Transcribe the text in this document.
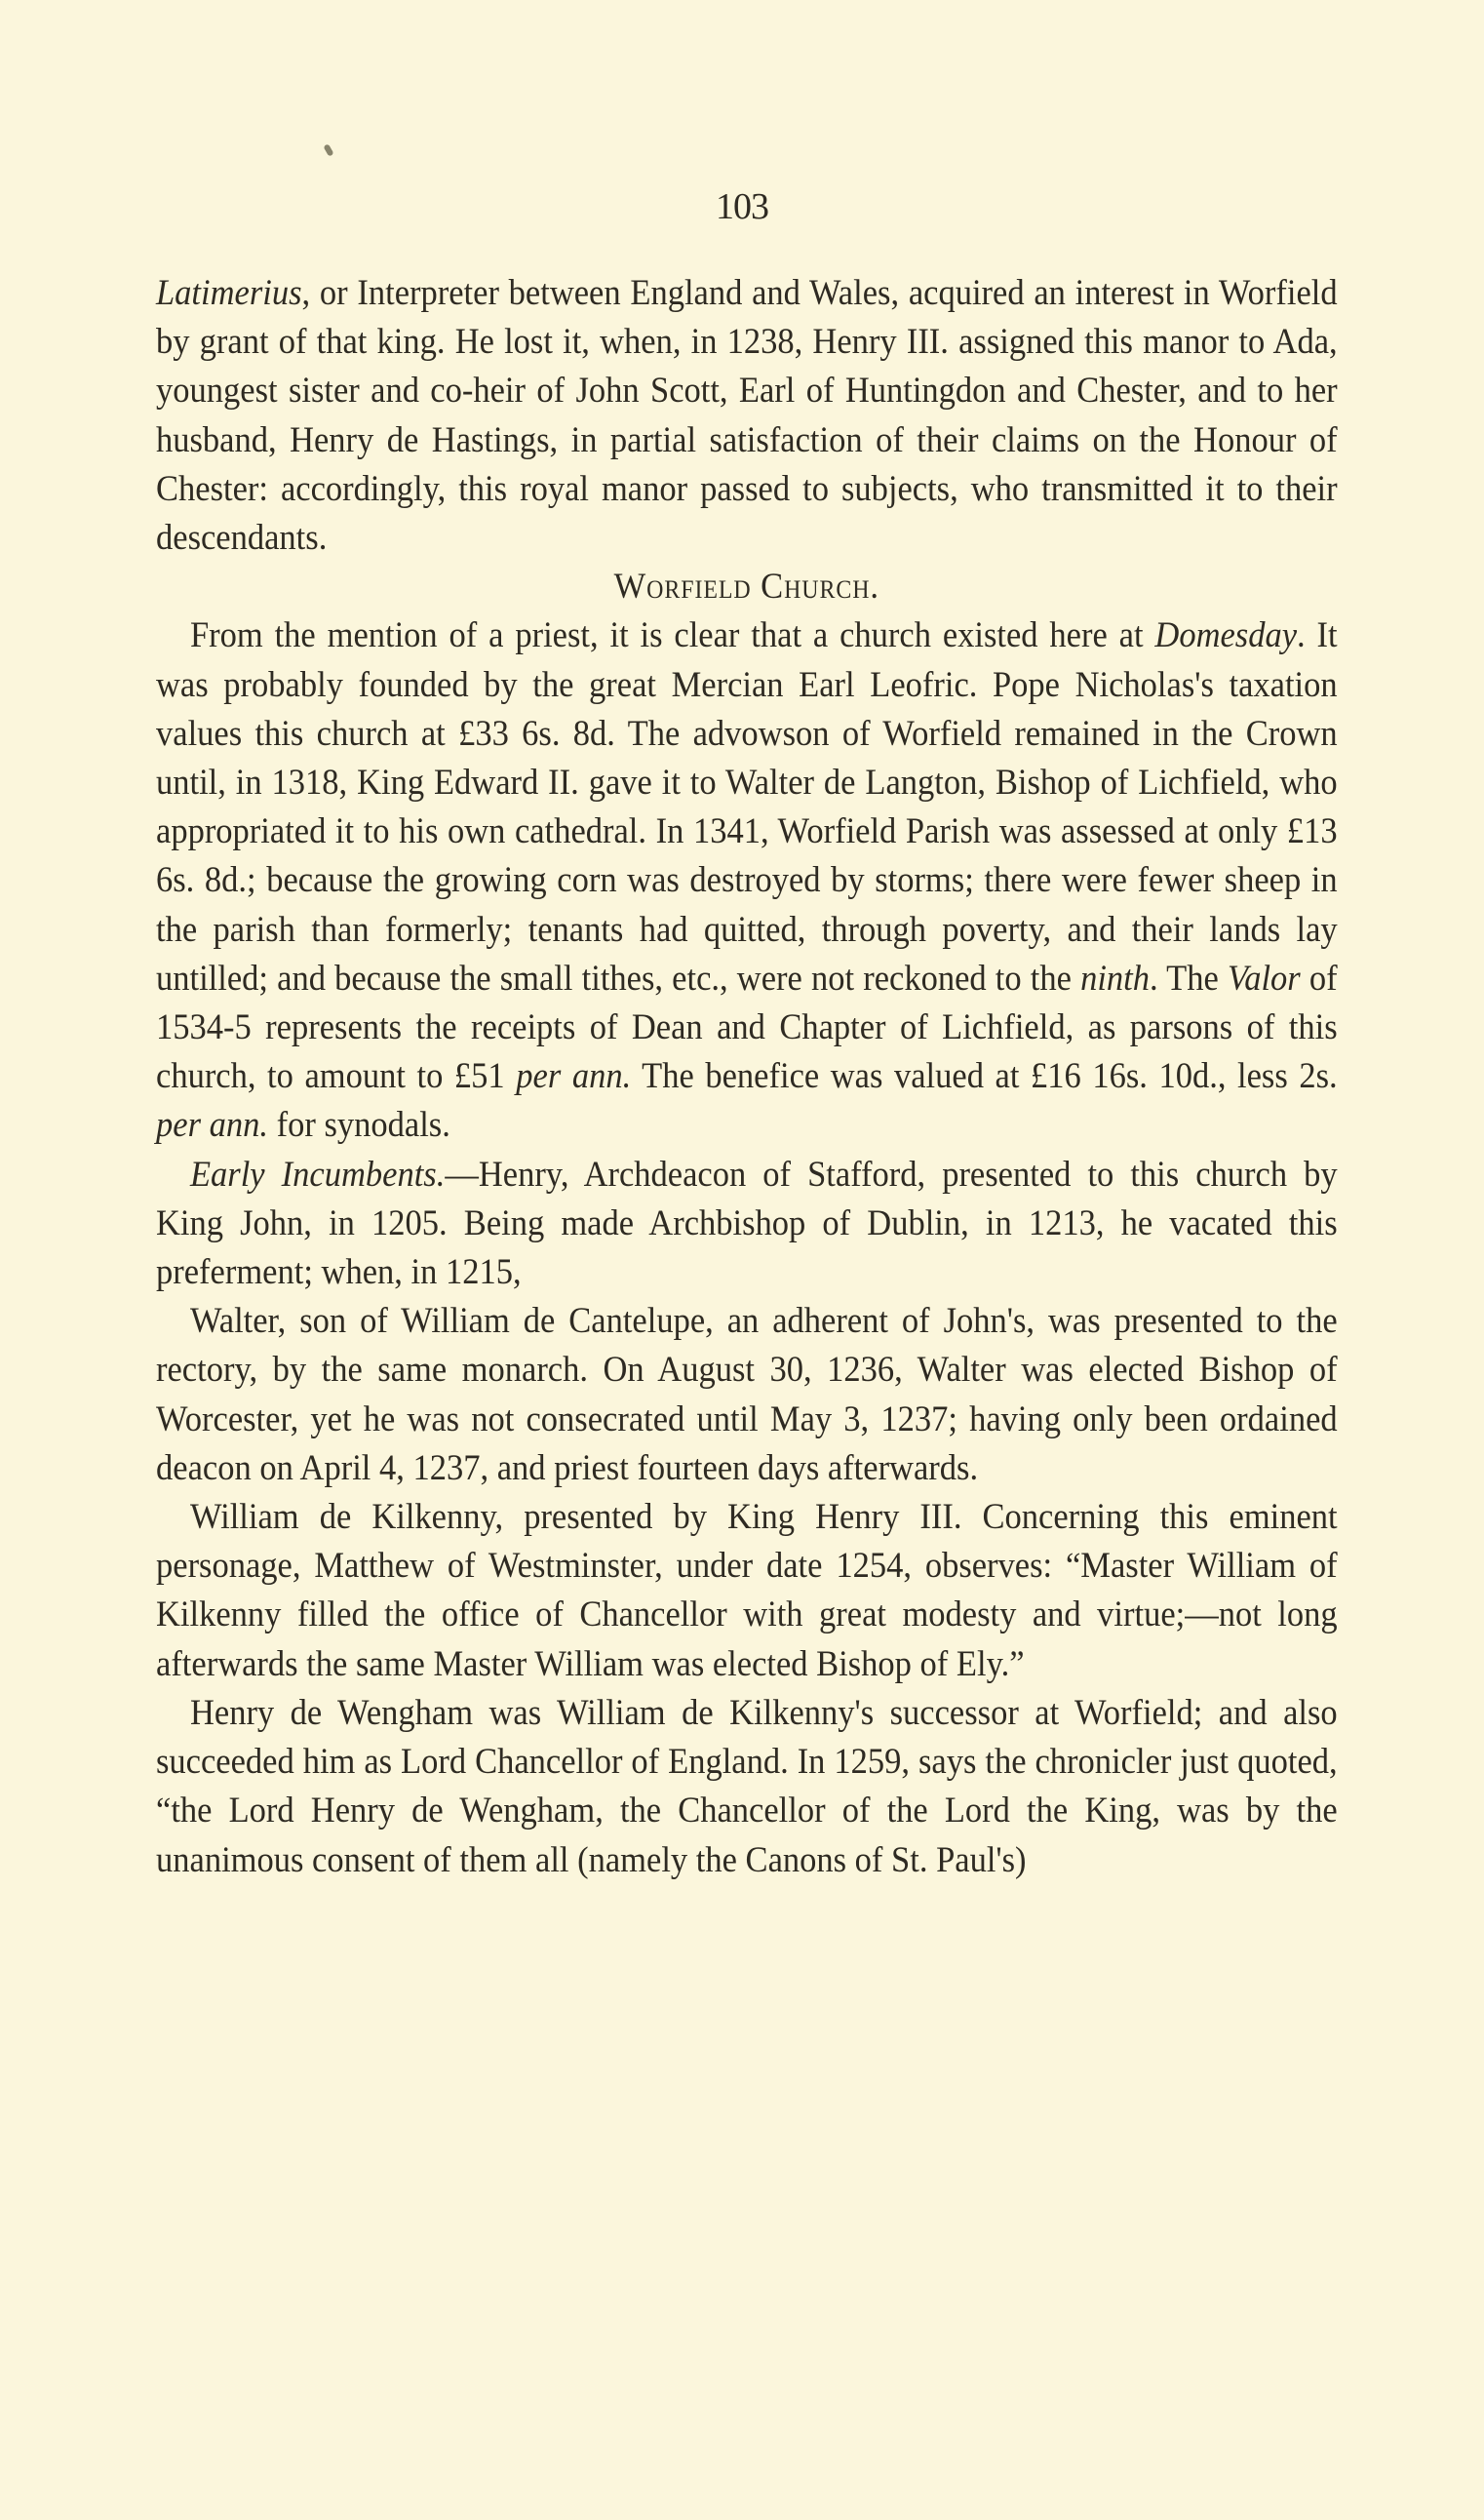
103

Latimerius, or Interpreter between England and Wales, acquired an interest in Worfield by grant of that king. He lost it, when, in 1238, Henry III. assigned this manor to Ada, youngest sister and co-heir of John Scott, Earl of Huntingdon and Chester, and to her husband, Henry de Hastings, in partial satisfaction of their claims on the Honour of Chester: accordingly, this royal manor passed to subjects, who transmitted it to their descendants.

Worfield Church.

From the mention of a priest, it is clear that a church existed here at Domesday. It was probably founded by the great Mercian Earl Leofric. Pope Nicholas's taxation values this church at £33 6s. 8d. The advowson of Worfield remained in the Crown until, in 1318, King Edward II. gave it to Walter de Langton, Bishop of Lichfield, who appropriated it to his own cathedral. In 1341, Worfield Parish was assessed at only £13 6s. 8d.; because the growing corn was destroyed by storms; there were fewer sheep in the parish than formerly; tenants had quitted, through poverty, and their lands lay untilled; and because the small tithes, etc., were not reckoned to the ninth. The Valor of 1534-5 represents the receipts of Dean and Chapter of Lichfield, as parsons of this church, to amount to £51 per ann. The benefice was valued at £16 16s. 10d., less 2s. per ann. for synodals.

Early Incumbents.—Henry, Archdeacon of Stafford, presented to this church by King John, in 1205. Being made Archbishop of Dublin, in 1213, he vacated this preferment; when, in 1215,

Walter, son of William de Cantelupe, an adherent of John's, was presented to the rectory, by the same monarch. On August 30, 1236, Walter was elected Bishop of Worcester, yet he was not consecrated until May 3, 1237; having only been ordained deacon on April 4, 1237, and priest fourteen days afterwards.

William de Kilkenny, presented by King Henry III. Concerning this eminent personage, Matthew of Westminster, under date 1254, observes: “Master William of Kilkenny filled the office of Chancellor with great modesty and virtue;—not long afterwards the same Master William was elected Bishop of Ely.”

Henry de Wengham was William de Kilkenny's successor at Worfield; and also succeeded him as Lord Chancellor of England. In 1259, says the chronicler just quoted, “the Lord Henry de Wengham, the Chancellor of the Lord the King, was by the unanimous consent of them all (namely the Canons of St. Paul's)
